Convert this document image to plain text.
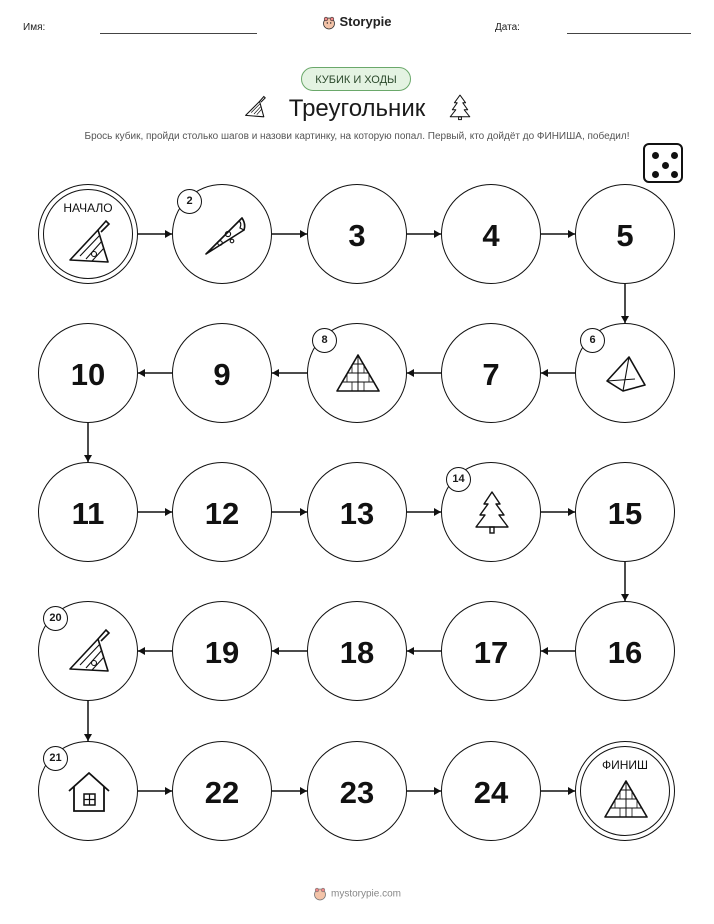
Имя:	Storypie	Дата:
КУБИК И ХОДЫ
Треугольник
Брось кубик, пройди столько шагов и назови картинку, на которую попал. Первый, кто дойдёт до ФИНИША, победил!
НАЧАЛО	2
3	4	5
6
7
8
9
10
11	12	13
14
15
16
17
18
19
20
21
22	23	24
ФИНИШ
mystorypie.com
